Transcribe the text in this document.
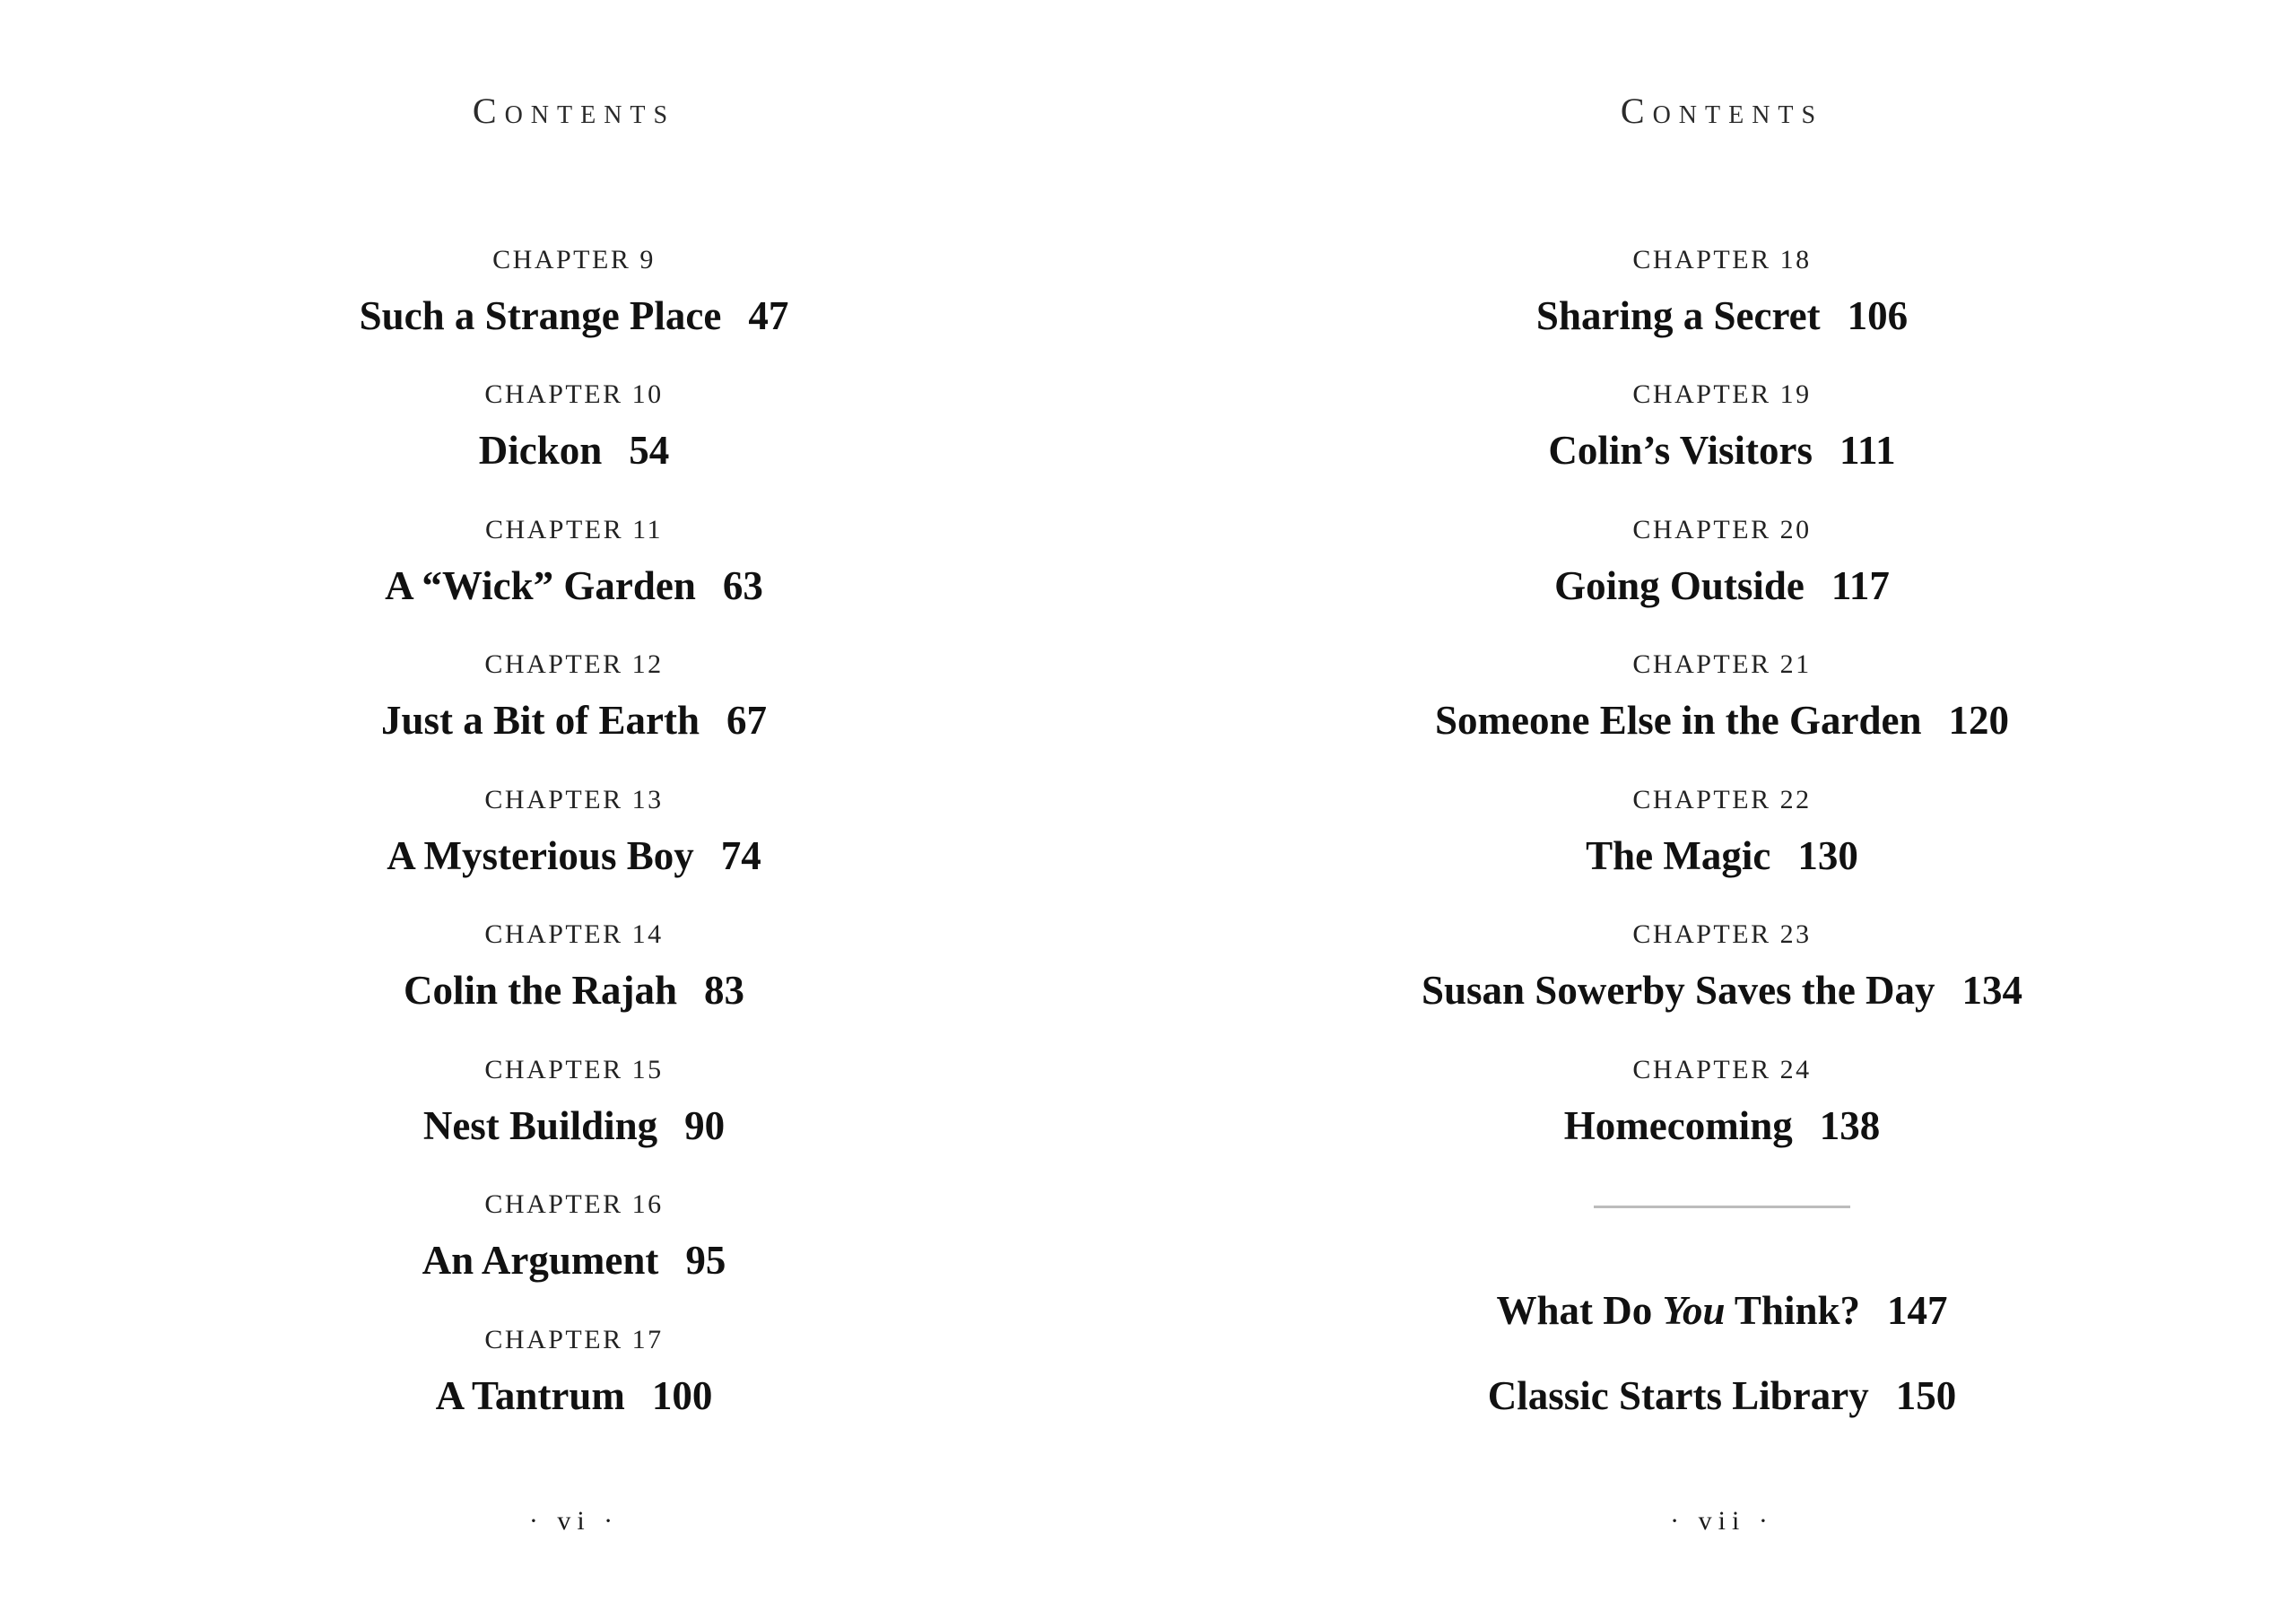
Contents
CHAPTER 9
Such a Strange Place 47
CHAPTER 10
Dickon 54
CHAPTER 11
A “Wick” Garden 63
CHAPTER 12
Just a Bit of Earth 67
CHAPTER 13
A Mysterious Boy 74
CHAPTER 14
Colin the Rajah 83
CHAPTER 15
Nest Building 90
CHAPTER 16
An Argument 95
CHAPTER 17
A Tantrum 100
· vi ·
Contents
CHAPTER 18
Sharing a Secret 106
CHAPTER 19
Colin’s Visitors 111
CHAPTER 20
Going Outside 117
CHAPTER 21
Someone Else in the Garden 120
CHAPTER 22
The Magic 130
CHAPTER 23
Susan Sowerby Saves the Day 134
CHAPTER 24
Homecoming 138
What Do You Think? 147
Classic Starts Library 150
· vii ·
